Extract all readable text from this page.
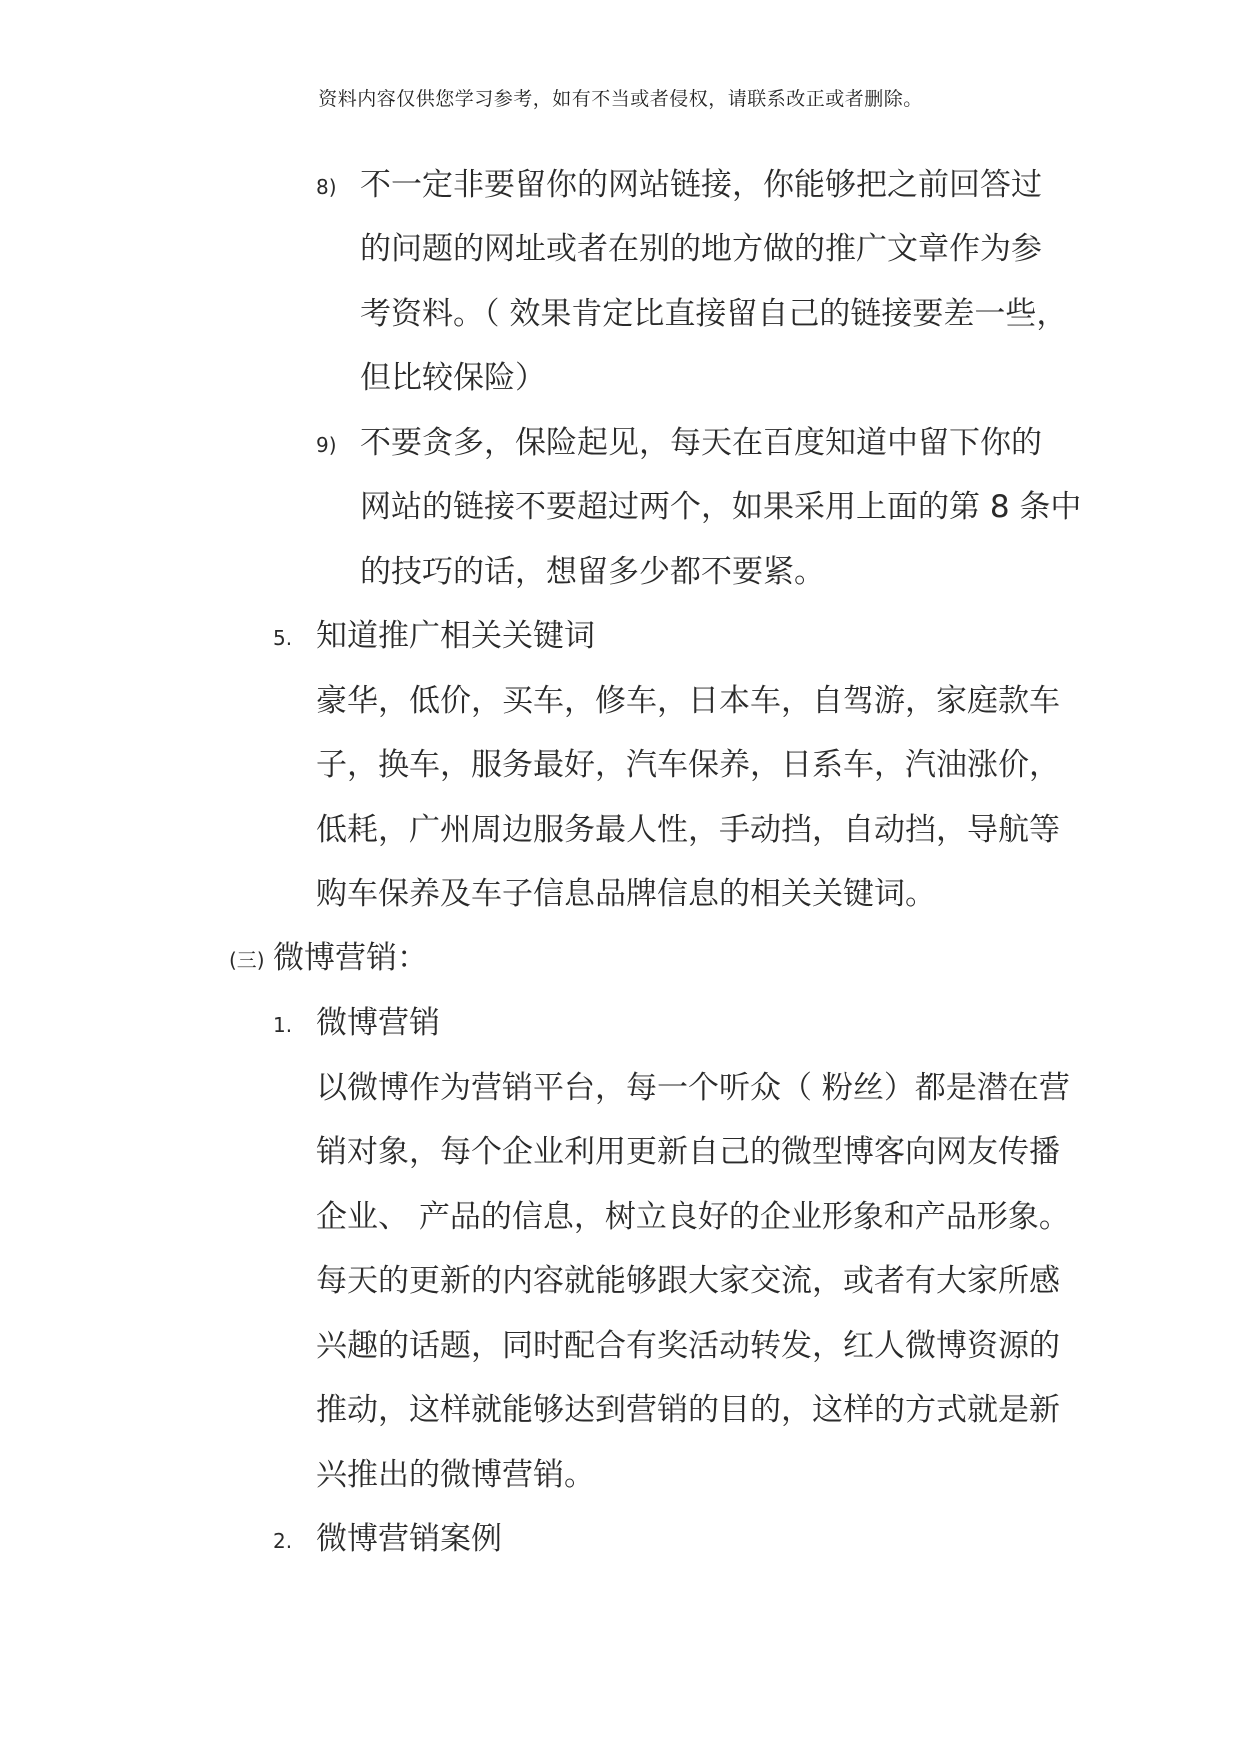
资料内容仅供您学习参考，如有不当或者侵权，请联系改正或者删除。
8) 不一定非要留你的网站链接，你能够把之前回答过
的问题的网址或者在别的地方做的推广文章作为参
考资料。（ 效果肯定比直接留自己的链接要差一些，
但比较保险）
9) 不要贪多，保险起见，每天在百度知道中留下你的
网站的链接不要超过两个，如果采用上面的第 8 条中
的技巧的话，想留多少都不要紧。
5. 知道推广相关关键词
豪华，低价，买车，修车，日本车，自驾游，家庭款车
子，换车，服务最好，汽车保养，日系车，汽油涨价，
低耗，广州周边服务最人性，手动挡，自动挡，导航等
购车保养及车子信息品牌信息的相关关键词。
(三) 微博营销：
1. 微博营销
以微博作为营销平台，每一个听众（ 粉丝）都是潜在营
销对象，每个企业利用更新自己的微型博客向网友传播
企业、 产品的信息，树立良好的企业形象和产品形象。
每天的更新的内容就能够跟大家交流，或者有大家所感
兴趣的话题，同时配合有奖活动转发，红人微博资源的
推动，这样就能够达到营销的目的，这样的方式就是新
兴推出的微博营销。
2. 微博营销案例
